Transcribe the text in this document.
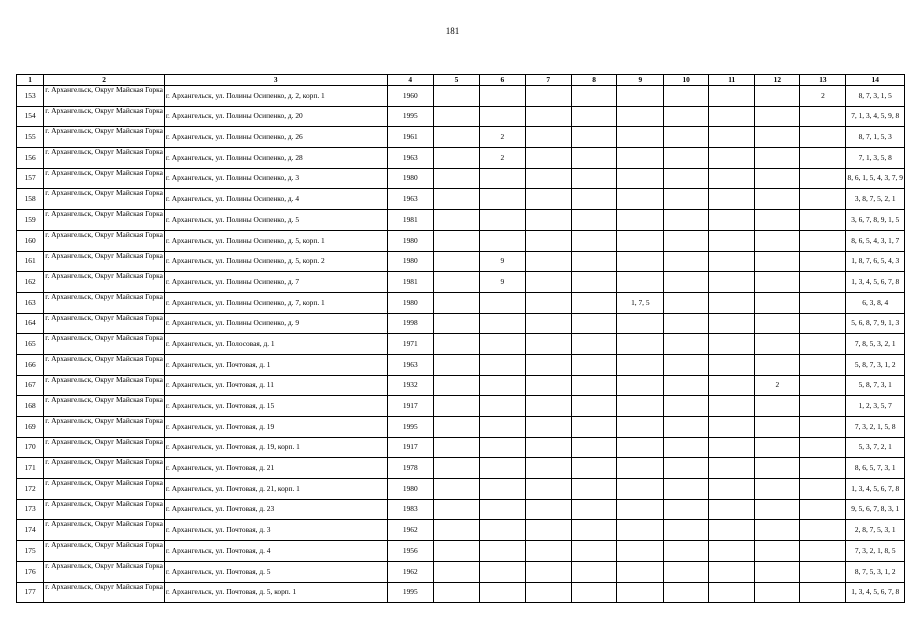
181
1	2	3	4	5	6	7	8	9	10	11	12	13	14
153	г. Архангельск, Округ Майская Горка	г. Архангельск, ул. Полины Осипенко, д. 2, корп. 1	1960									2	8, 7, 3, 1, 5
154	г. Архангельск, Округ Майская Горка	г. Архангельск, ул. Полины Осипенко, д. 20	1995										7, 1, 3, 4, 5, 9, 8
155	г. Архангельск, Округ Майская Горка	г. Архангельск, ул. Полины Осипенко, д. 26	1961		2								8, 7, 1, 5, 3
156	г. Архангельск, Округ Майская Горка	г. Архангельск, ул. Полины Осипенко, д. 28	1963		2								7, 1, 3, 5, 8
157	г. Архангельск, Округ Майская Горка	г. Архангельск, ул. Полины Осипенко, д. 3	1980										8, 6, 1, 5, 4, 3, 7, 9
158	г. Архангельск, Округ Майская Горка	г. Архангельск, ул. Полины Осипенко, д. 4	1963										3, 8, 7, 5, 2, 1
159	г. Архангельск, Округ Майская Горка	г. Архангельск, ул. Полины Осипенко, д. 5	1981										3, 6, 7, 8, 9, 1, 5
160	г. Архангельск, Округ Майская Горка	г. Архангельск, ул. Полины Осипенко, д. 5, корп. 1	1980										8, 6, 5, 4, 3, 1, 7
161	г. Архангельск, Округ Майская Горка	г. Архангельск, ул. Полины Осипенко, д. 5, корп. 2	1980		9								1, 8, 7, 6, 5, 4, 3
162	г. Архангельск, Округ Майская Горка	г. Архангельск, ул. Полины Осипенко, д. 7	1981		9								1, 3, 4, 5, 6, 7, 8
163	г. Архангельск, Округ Майская Горка	г. Архангельск, ул. Полины Осипенко, д. 7, корп. 1	1980					1, 7, 5					6, 3, 8, 4
164	г. Архангельск, Округ Майская Горка	г. Архангельск, ул. Полины Осипенко, д. 9	1998										5, 6, 8, 7, 9, 1, 3
165	г. Архангельск, Округ Майская Горка	г. Архангельск, ул. Полосовая, д. 1	1971										7, 8, 5, 3, 2, 1
166	г. Архангельск, Округ Майская Горка	г. Архангельск, ул. Почтовая, д. 1	1963										5, 8, 7, 3, 1, 2
167	г. Архангельск, Округ Майская Горка	г. Архангельск, ул. Почтовая, д. 11	1932								2		5, 8, 7, 3, 1
168	г. Архангельск, Округ Майская Горка	г. Архангельск, ул. Почтовая, д. 15	1917										1, 2, 3, 5, 7
169	г. Архангельск, Округ Майская Горка	г. Архангельск, ул. Почтовая, д. 19	1995										7, 3, 2, 1, 5, 8
170	г. Архангельск, Округ Майская Горка	г. Архангельск, ул. Почтовая, д. 19, корп. 1	1917										5, 3, 7, 2, 1
171	г. Архангельск, Округ Майская Горка	г. Архангельск, ул. Почтовая, д. 21	1978										8, 6, 5, 7, 3, 1
172	г. Архангельск, Округ Майская Горка	г. Архангельск, ул. Почтовая, д. 21, корп. 1	1980										1, 3, 4, 5, 6, 7, 8
173	г. Архангельск, Округ Майская Горка	г. Архангельск, ул. Почтовая, д. 23	1983										9, 5, 6, 7, 8, 3, 1
174	г. Архангельск, Округ Майская Горка	г. Архангельск, ул. Почтовая, д. 3	1962										2, 8, 7, 5, 3, 1
175	г. Архангельск, Округ Майская Горка	г. Архангельск, ул. Почтовая, д. 4	1956										7, 3, 2, 1, 8, 5
176	г. Архангельск, Округ Майская Горка	г. Архангельск, ул. Почтовая, д. 5	1962										8, 7, 5, 3, 1, 2
177	г. Архангельск, Округ Майская Горка	г. Архангельск, ул. Почтовая, д. 5, корп. 1	1995										1, 3, 4, 5, 6, 7, 8
